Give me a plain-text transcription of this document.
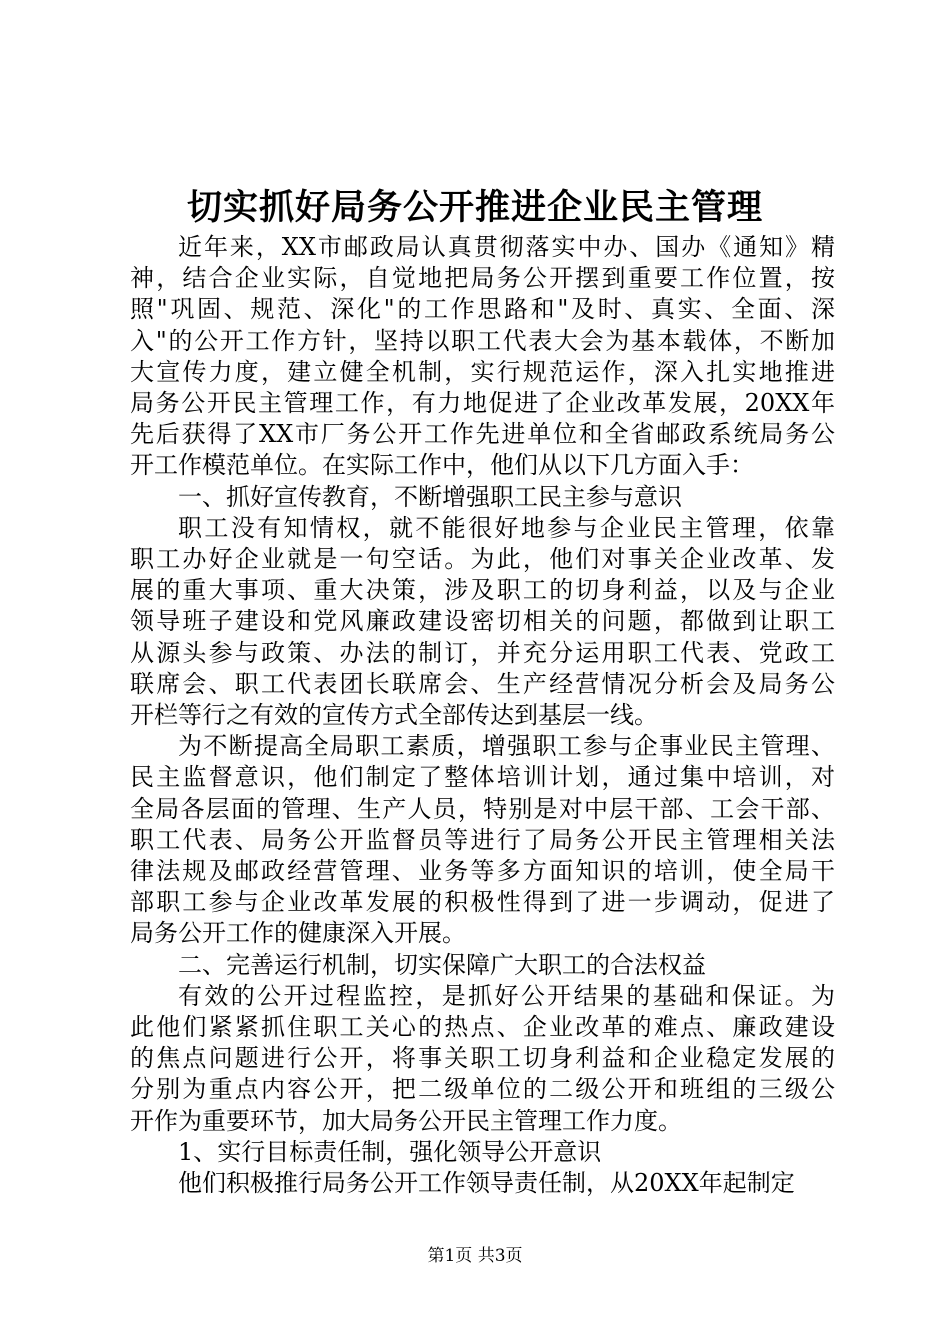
切实抓好局务公开推进企业民主管理

近年来，XX市邮政局认真贯彻落实中办、国办《通知》精

神，结合企业实际，自觉地把局务公开摆到重要工作位置，按

照"巩固、规范、深化"的工作思路和"及时、真实、全面、深

入"的公开工作方针，坚持以职工代表大会为基本载体，不断加

大宣传力度，建立健全机制，实行规范运作，深入扎实地推进

局务公开民主管理工作，有力地促进了企业改革发展，20XX年

先后获得了XX市厂务公开工作先进单位和全省邮政系统局务公

开工作模范单位。在实际工作中，他们从以下几方面入手：

一、抓好宣传教育，不断增强职工民主参与意识

职工没有知情权，就不能很好地参与企业民主管理，依靠

职工办好企业就是一句空话。为此，他们对事关企业改革、发

展的重大事项、重大决策，涉及职工的切身利益，以及与企业

领导班子建设和党风廉政建设密切相关的问题，都做到让职工

从源头参与政策、办法的制订，并充分运用职工代表、党政工

联席会、职工代表团长联席会、生产经营情况分析会及局务公

开栏等行之有效的宣传方式全部传达到基层一线。

为不断提高全局职工素质，增强职工参与企事业民主管理、

民主监督意识，他们制定了整体培训计划，通过集中培训，对

全局各层面的管理、生产人员，特别是对中层干部、工会干部、

职工代表、局务公开监督员等进行了局务公开民主管理相关法

律法规及邮政经营管理、业务等多方面知识的培训，使全局干

部职工参与企业改革发展的积极性得到了进一步调动，促进了

局务公开工作的健康深入开展。

二、完善运行机制，切实保障广大职工的合法权益

有效的公开过程监控，是抓好公开结果的基础和保证。为

此他们紧紧抓住职工关心的热点、企业改革的难点、廉政建设

的焦点问题进行公开，将事关职工切身利益和企业稳定发展的

分别为重点内容公开，把二级单位的二级公开和班组的三级公

开作为重要环节，加大局务公开民主管理工作力度。

1、实行目标责任制，强化领导公开意识

他们积极推行局务公开工作领导责任制，从20XX年起制定

第1页 共3页
